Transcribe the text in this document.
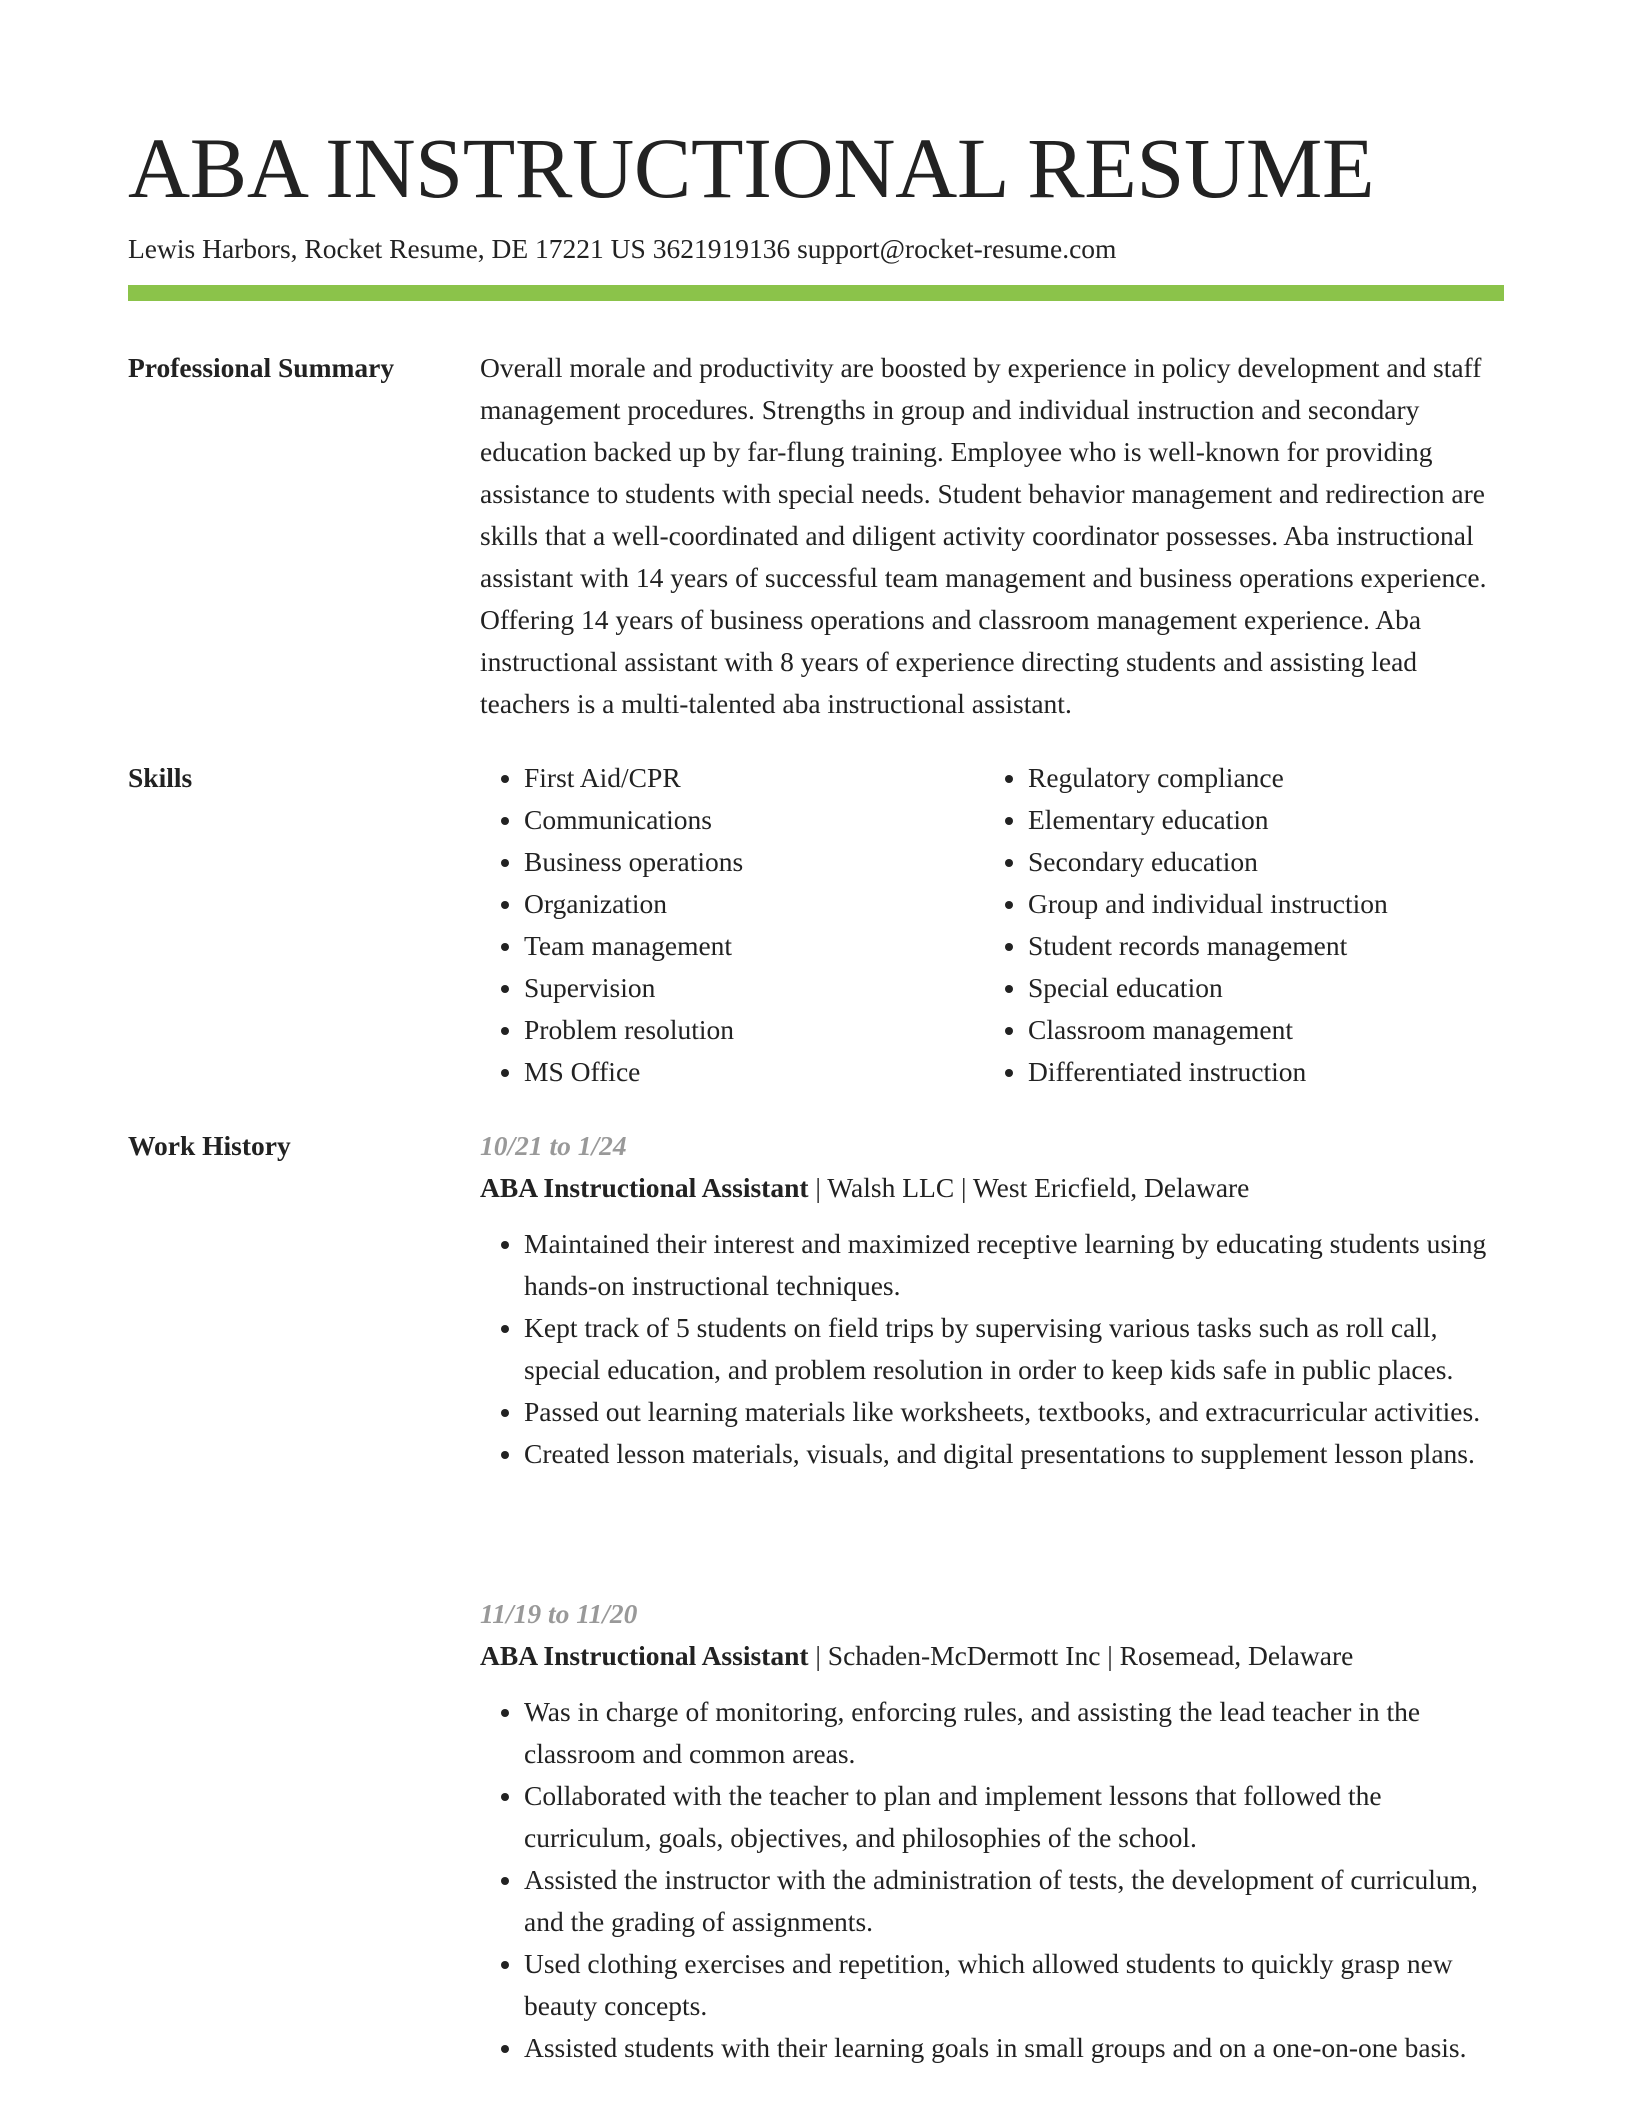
ABA INSTRUCTIONAL RESUME
Lewis Harbors, Rocket Resume, DE 17221 US 3621919136 support@rocket-resume.com
Professional Summary	Overall morale and productivity are boosted by experience in policy development and staff management procedures. Strengths in group and individual instruction and secondary education backed up by far-flung training. Employee who is well-known for providing assistance to students with special needs. Student behavior management and redirection are skills that a well-coordinated and diligent activity coordinator possesses. Aba instructional assistant with 14 years of successful team management and business operations experience. Offering 14 years of business operations and classroom management experience. Aba instructional assistant with 8 years of experience directing students and assisting lead teachers is a multi-talented aba instructional assistant.

Skills
•	First Aid/CPR
• Communications
• Business operations
• Organization
• Team management
• Supervision
• Problem resolution
• MS Office
• Regulatory compliance
• Elementary education
• Secondary education
• Group and individual instruction
• Student records management
• Special education
• Classroom management
• Differentiated instruction
Work History	10/21 to 1/24
ABA Instructional Assistant | Walsh LLC | West Ericfield, Delaware
• Maintained their interest and maximized receptive learning by educating students using hands-on instructional techniques.
• Kept track of 5 students on field trips by supervising various tasks such as roll call, special education, and problem resolution in order to keep kids safe in public places.
• Passed out learning materials like worksheets, textbooks, and extracurricular activities.
• Created lesson materials, visuals, and digital presentations to supplement lesson plans.
11/19 to 11/20
ABA Instructional Assistant | Schaden-McDermott Inc | Rosemead, Delaware
• Was in charge of monitoring, enforcing rules, and assisting the lead teacher in the classroom and common areas.
• Collaborated with the teacher to plan and implement lessons that followed the curriculum, goals, objectives, and philosophies of the school.
• Assisted the instructor with the administration of tests, the development of curriculum, and the grading of assignments.
• Used clothing exercises and repetition, which allowed students to quickly grasp new beauty concepts.
• Assisted students with their learning goals in small groups and on a one-on-one basis.
